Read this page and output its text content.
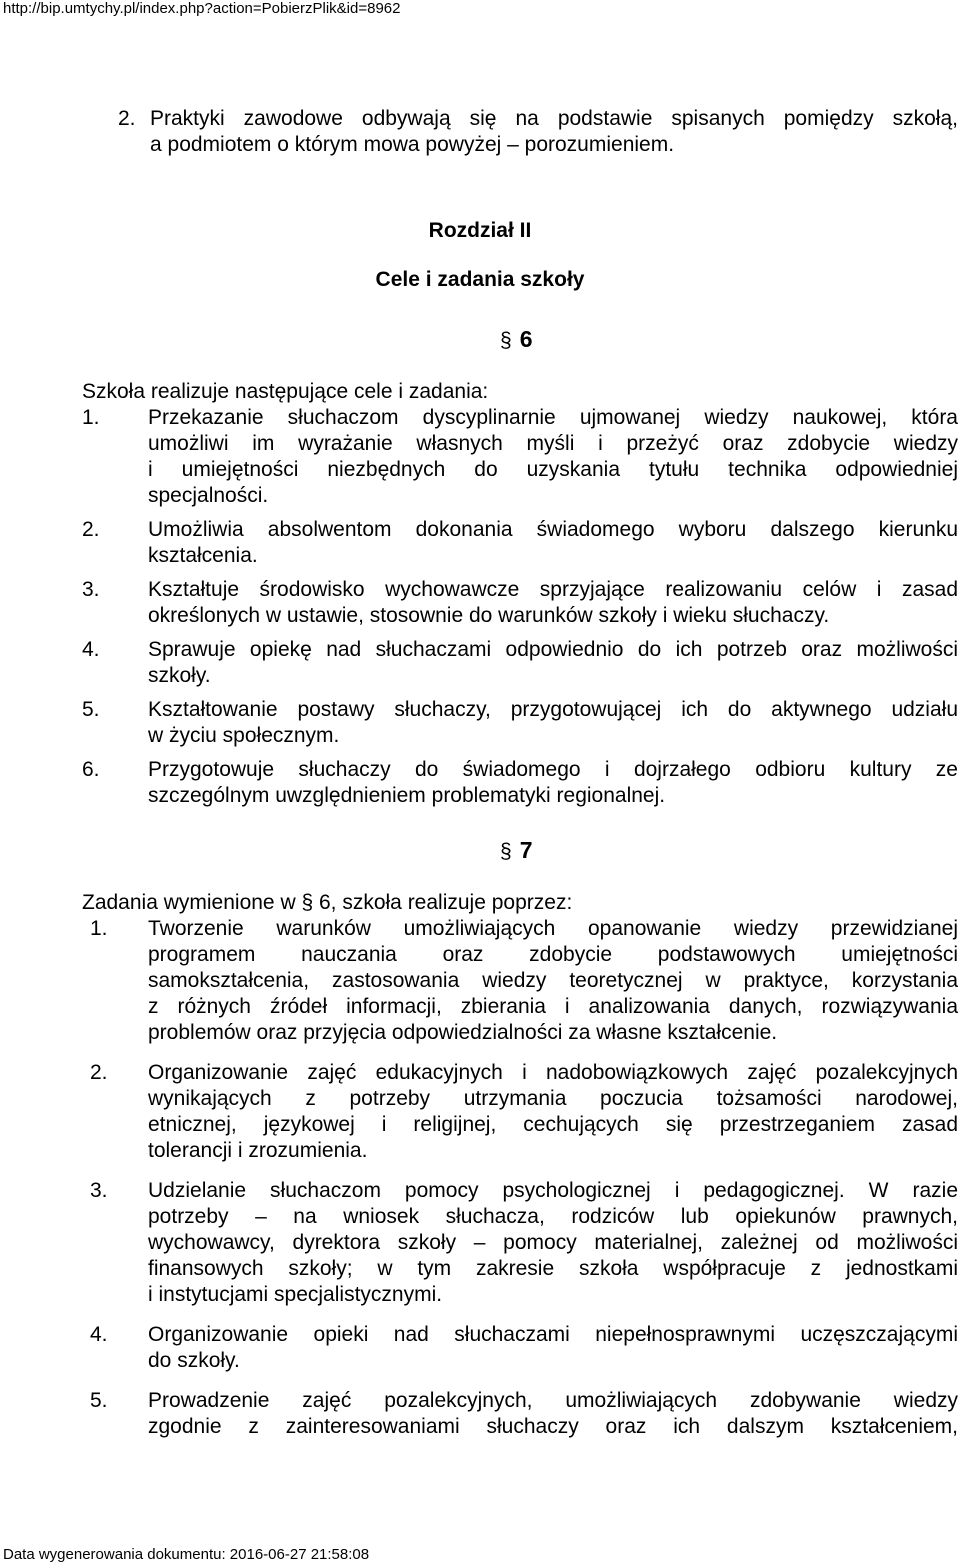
http://bip.umtychy.pl/index.php?action=PobierzPlik&id=8962
2. Praktyki zawodowe odbywają się na podstawie spisanych pomiędzy szkołą,
a podmiotem o którym mowa powyżej – porozumieniem.
Rozdział II
Cele i zadania szkoły
§ 6
Szkoła realizuje następujące cele i zadania:
1. Przekazanie słuchaczom dyscyplinarnie ujmowanej wiedzy naukowej, która
umożliwi im wyrażanie własnych myśli i przeżyć oraz zdobycie wiedzy
i umiejętności niezbędnych do uzyskania tytułu technika odpowiedniej
specjalności.
2. Umożliwia absolwentom dokonania świadomego wyboru dalszego kierunku
kształcenia.
3. Kształtuje środowisko wychowawcze sprzyjające realizowaniu celów i zasad
określonych w ustawie, stosownie do warunków szkoły i wieku słuchaczy.
4. Sprawuje opiekę nad słuchaczami odpowiednio do ich potrzeb oraz możliwości
szkoły.
5. Kształtowanie postawy słuchaczy, przygotowującej ich do aktywnego udziału
w życiu społecznym.
6. Przygotowuje słuchaczy do świadomego i dojrzałego odbioru kultury ze
szczególnym uwzględnieniem problematyki regionalnej.
§ 7
Zadania wymienione w § 6, szkoła realizuje poprzez:
1. Tworzenie warunków umożliwiających opanowanie wiedzy przewidzianej
programem nauczania oraz zdobycie podstawowych umiejętności
samokształcenia, zastosowania wiedzy teoretycznej w praktyce, korzystania
z różnych źródeł informacji, zbierania i analizowania danych, rozwiązywania
problemów oraz przyjęcia odpowiedzialności za własne kształcenie.
2. Organizowanie zajęć edukacyjnych i nadobowiązkowych zajęć pozalekcyjnych
wynikających z potrzeby utrzymania poczucia tożsamości narodowej,
etnicznej, językowej i religijnej, cechujących się przestrzeganiem zasad
tolerancji i zrozumienia.
3. Udzielanie słuchaczom pomocy psychologicznej i pedagogicznej. W razie
potrzeby – na wniosek słuchacza, rodziców lub opiekunów prawnych,
wychowawcy, dyrektora szkoły – pomocy materialnej, zależnej od możliwości
finansowych szkoły; w tym zakresie szkoła współpracuje z jednostkami
i instytucjami specjalistycznymi.
4. Organizowanie opieki nad słuchaczami niepełnosprawnymi uczęszczającymi
do szkoły.
5. Prowadzenie zajęć pozalekcyjnych, umożliwiających zdobywanie wiedzy
zgodnie z zainteresowaniami słuchaczy oraz ich dalszym kształceniem,
Data wygenerowania dokumentu: 2016-06-27 21:58:08
